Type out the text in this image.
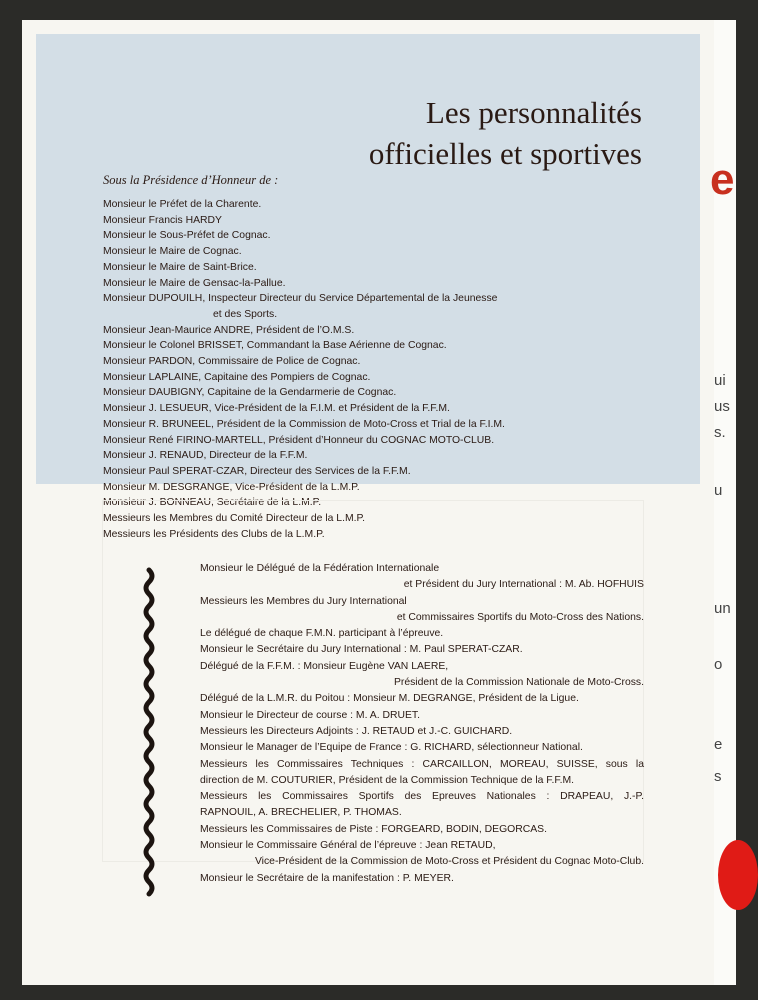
Les personnalités
officielles et sportives
Sous la Présidence d’Honneur de :
Monsieur le Préfet de la Charente.
Monsieur Francis HARDY
Monsieur le Sous-Préfet de Cognac.
Monsieur le Maire de Cognac.
Monsieur le Maire de Saint-Brice.
Monsieur le Maire de Gensac-la-Pallue.
Monsieur DUPOUILH, Inspecteur Directeur du Service Départemental de la Jeunesse
et des Sports.
Monsieur Jean-Maurice ANDRE, Président de l’O.M.S.
Monsieur le Colonel BRISSET, Commandant la Base Aérienne de Cognac.
Monsieur PARDON, Commissaire de Police de Cognac.
Monsieur LAPLAINE, Capitaine des Pompiers de Cognac.
Monsieur DAUBIGNY, Capitaine de la Gendarmerie de Cognac.
Monsieur J. LESUEUR, Vice-Président de la F.I.M. et Président de la F.F.M.
Monsieur R. BRUNEEL, Président de la Commission de Moto-Cross et Trial de la F.I.M.
Monsieur René FIRINO-MARTELL, Président d’Honneur du COGNAC MOTO-CLUB.
Monsieur J. RENAUD, Directeur de la F.F.M.
Monsieur Paul SPERAT-CZAR, Directeur des Services de la F.F.M.
Monsieur M. DESGRANGE, Vice-Président de la L.M.P.
Monsieur J. BONNEAU, Secrétaire de la L.M.P.
Messieurs les Membres du Comité Directeur de la L.M.P.
Messieurs les Présidents des Clubs de la L.M.P.
Monsieur le Délégué de la Fédération Internationale
et Président du Jury International : M. Ab. HOFHUIS
Messieurs les Membres du Jury International
et Commissaires Sportifs du Moto-Cross des Nations.
Le délégué de chaque F.M.N. participant à l’épreuve.
Monsieur le Secrétaire du Jury International : M. Paul SPERAT-CZAR.
Délégué de la F.F.M. : Monsieur Eugène VAN LAERE,
Président de la Commission Nationale de Moto-Cross.
Délégué de la L.M.R. du Poitou : Monsieur M. DEGRANGE, Président de la Ligue.
Monsieur le Directeur de course : M. A. DRUET.
Messieurs les Directeurs Adjoints : J. RETAUD et J.-C. GUICHARD.
Monsieur le Manager de l’Equipe de France : G. RICHARD, sélectionneur National.
Messieurs les Commissaires Techniques : CARCAILLON, MOREAU, SUISSE, sous la
direction de M. COUTURIER, Président de la Commission Technique de la F.F.M.
Messieurs les Commissaires Sportifs des Epreuves Nationales : DRAPEAU, J.-P.
RAPNOUIL, A. BRECHELIER, P. THOMAS.
Messieurs les Commissaires de Piste : FORGEARD, BODIN, DEGORCAS.
Monsieur le Commissaire Général de l’épreuve : Jean RETAUD,
Vice-Président de la Commission de Moto-Cross et Président du Cognac Moto-Club.
Monsieur le Secrétaire de la manifestation : P. MEYER.
e
ui
us
s.
u
un
o
e
s
